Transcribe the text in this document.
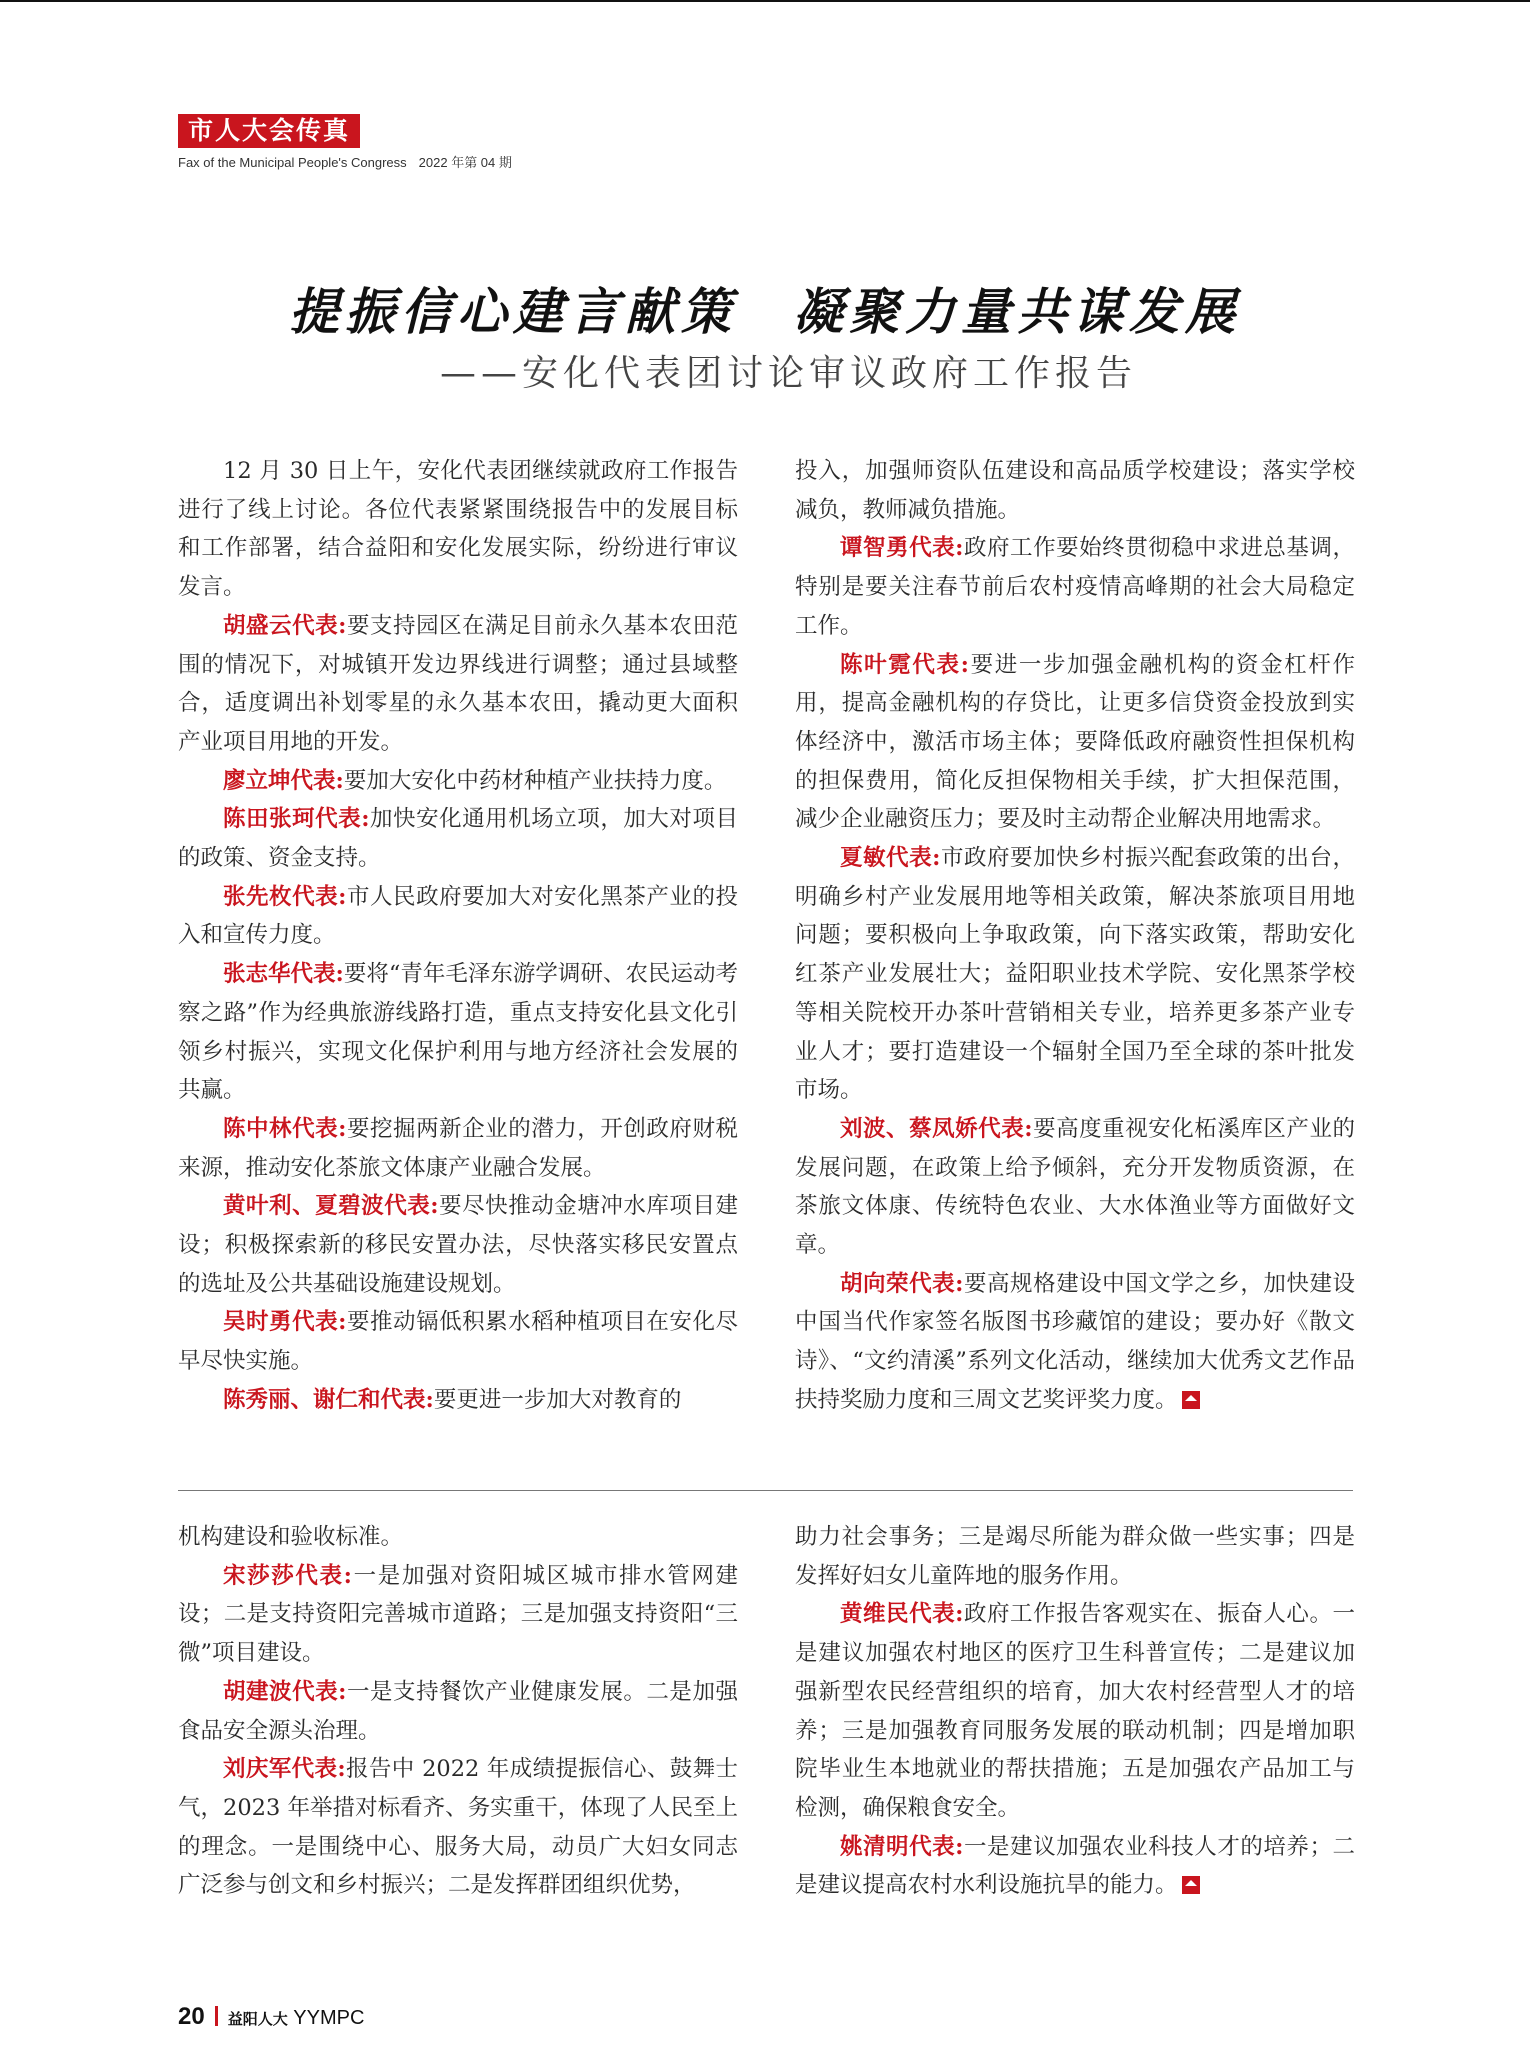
市人大会传真
Fax of the Municipal People's Congress 2022 年第 04 期
提振信心建言献策　凝聚力量共谋发展
——安化代表团讨论审议政府工作报告

12 月 30 日上午，安化代表团继续就政府工作报告进行了线上讨论。各位代表紧紧围绕报告中的发展目标和工作部署，结合益阳和安化发展实际，纷纷进行审议发言。

胡盛云代表:要支持园区在满足目前永久基本农田范围的情况下，对城镇开发边界线进行调整；通过县域整合，适度调出补划零星的永久基本农田，撬动更大面积产业项目用地的开发。

廖立坤代表:要加大安化中药材种植产业扶持力度。

陈田张珂代表:加快安化通用机场立项，加大对项目的政策、资金支持。

张先枚代表:市人民政府要加大对安化黑茶产业的投入和宣传力度。

张志华代表:要将“青年毛泽东游学调研、农民运动考察之路”作为经典旅游线路打造，重点支持安化县文化引领乡村振兴，实现文化保护利用与地方经济社会发展的共赢。

陈中林代表:要挖掘两新企业的潜力，开创政府财税来源，推动安化茶旅文体康产业融合发展。

黄叶利、夏碧波代表:要尽快推动金塘冲水库项目建设；积极探索新的移民安置办法，尽快落实移民安置点的选址及公共基础设施建设规划。

吴时勇代表:要推动镉低积累水稻种植项目在安化尽早尽快实施。

陈秀丽、谢仁和代表:要更进一步加大对教育的

投入，加强师资队伍建设和高品质学校建设；落实学校减负，教师减负措施。

谭智勇代表:政府工作要始终贯彻稳中求进总基调，特别是要关注春节前后农村疫情高峰期的社会大局稳定工作。

陈叶霓代表:要进一步加强金融机构的资金杠杆作用，提高金融机构的存贷比，让更多信贷资金投放到实体经济中，激活市场主体；要降低政府融资性担保机构的担保费用，简化反担保物相关手续，扩大担保范围，减少企业融资压力；要及时主动帮企业解决用地需求。

夏敏代表:市政府要加快乡村振兴配套政策的出台，明确乡村产业发展用地等相关政策，解决茶旅项目用地问题；要积极向上争取政策，向下落实政策，帮助安化红茶产业发展壮大；益阳职业技术学院、安化黑茶学校等相关院校开办茶叶营销相关专业，培养更多茶产业专业人才；要打造建设一个辐射全国乃至全球的茶叶批发市场。

刘波、蔡凤娇代表:要高度重视安化柘溪库区产业的发展问题，在政策上给予倾斜，充分开发物质资源，在茶旅文体康、传统特色农业、大水体渔业等方面做好文章。

胡向荣代表:要高规格建设中国文学之乡，加快建设中国当代作家签名版图书珍藏馆的建设；要办好《散文诗》、“文约清溪”系列文化活动，继续加大优秀文艺作品扶持奖励力度和三周文艺奖评奖力度。

机构建设和验收标准。

宋莎莎代表:一是加强对资阳城区城市排水管网建设；二是支持资阳完善城市道路；三是加强支持资阳“三微”项目建设。

胡建波代表:一是支持餐饮产业健康发展。二是加强食品安全源头治理。

刘庆军代表:报告中 2022 年成绩提振信心、鼓舞士气，2023 年举措对标看齐、务实重干，体现了人民至上的理念。一是围绕中心、服务大局，动员广大妇女同志广泛参与创文和乡村振兴；二是发挥群团组织优势，

助力社会事务；三是竭尽所能为群众做一些实事；四是发挥好妇女儿童阵地的服务作用。

黄维民代表:政府工作报告客观实在、振奋人心。一是建议加强农村地区的医疗卫生科普宣传；二是建议加强新型农民经营组织的培育，加大农村经营型人才的培养；三是加强教育同服务发展的联动机制；四是增加职院毕业生本地就业的帮扶措施；五是加强农产品加工与检测，确保粮食安全。

姚清明代表:一是建议加强农业科技人才的培养；二是建议提高农村水利设施抗旱的能力。

20 益阳人大 YYMPC
